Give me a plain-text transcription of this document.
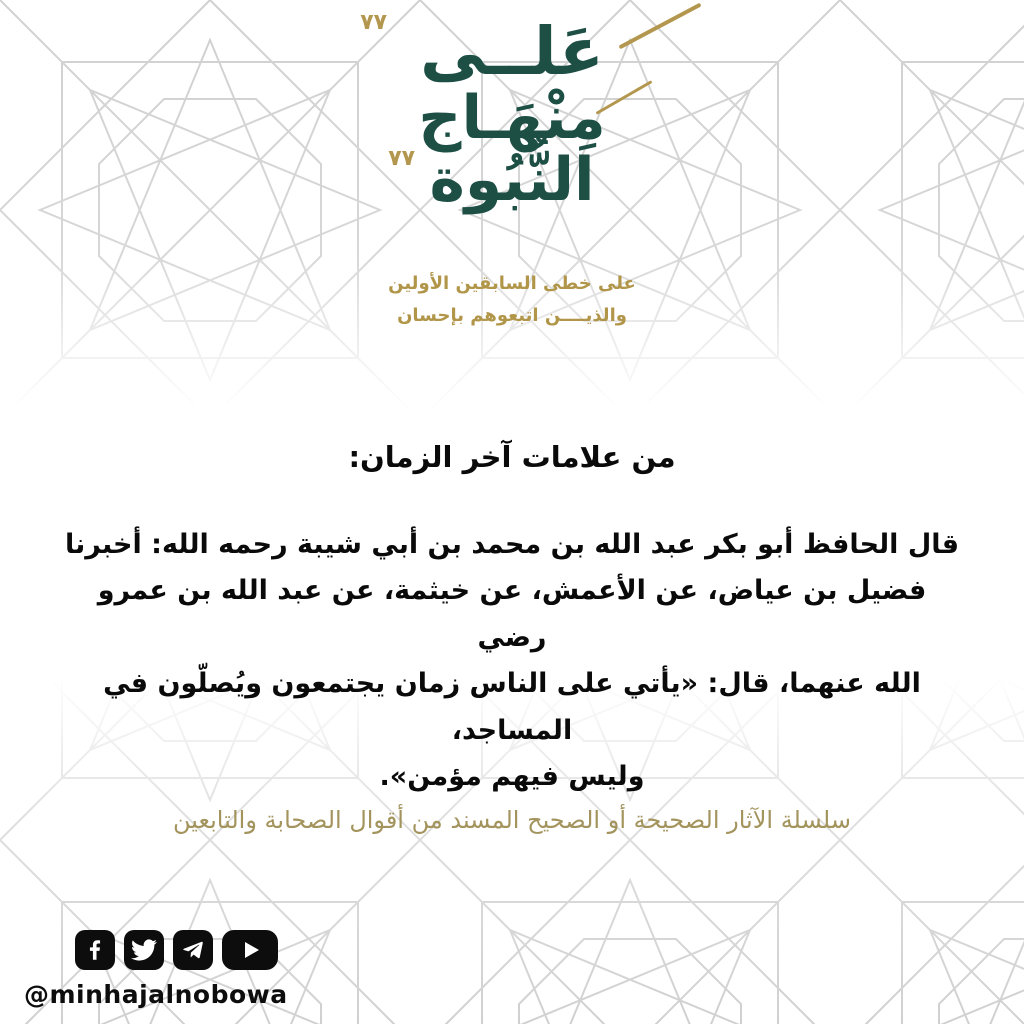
٧٧
٧٧
عَلــى
مِنْهَـاج
النُّبُوة
على خطى السابقين الأولين
والذيــــن اتبعوهم بإحسان
من علامات آخر الزمان:
قال الحافظ أبو بكر عبد الله بن محمد بن أبي شيبة رحمه الله: أخبرنا
فضيل بن عياض، عن الأعمش، عن خيثمة، عن عبد الله بن عمرو رضي
الله عنهما، قال: «يأتي على الناس زمان يجتمعون ويُصلّون في المساجد،
وليس فيهم مؤمن».
سلسلة الآثار الصحيحة أو الصحيح المسند من أقوال الصحابة والتابعين
@minhajalnobowa
